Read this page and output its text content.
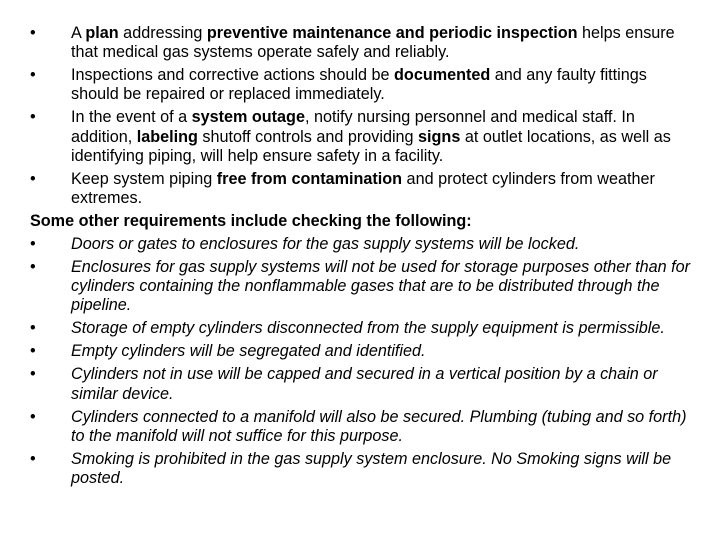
•	A plan addressing preventive maintenance and periodic inspection helps ensure that medical gas systems operate safely and reliably.
•	Inspections and corrective actions should be documented and any faulty fittings should be repaired or replaced immediately.
•	In the event of a system outage, notify nursing personnel and medical staff. In addition, labeling shutoff controls and providing signs at outlet locations, as well as identifying piping, will help ensure safety in a facility.
•	Keep system piping free from contamination and protect cylinders from weather extremes.
Some other requirements include checking the following:
•	Doors or gates to enclosures for the gas supply systems will be locked.
•	Enclosures for gas supply systems will not be used for storage purposes other than for cylinders containing the nonflammable gases that are to be distributed through the pipeline.
•	Storage of empty cylinders disconnected from the supply equipment is permissible.
•	Empty cylinders will be segregated and identified.
•	Cylinders not in use will be capped and secured in a vertical position by a chain or similar device.
•	Cylinders connected to a manifold will also be secured. Plumbing (tubing and so forth) to the manifold will not suffice for this purpose.
•	Smoking is prohibited in the gas supply system enclosure. No Smoking signs will be posted.
